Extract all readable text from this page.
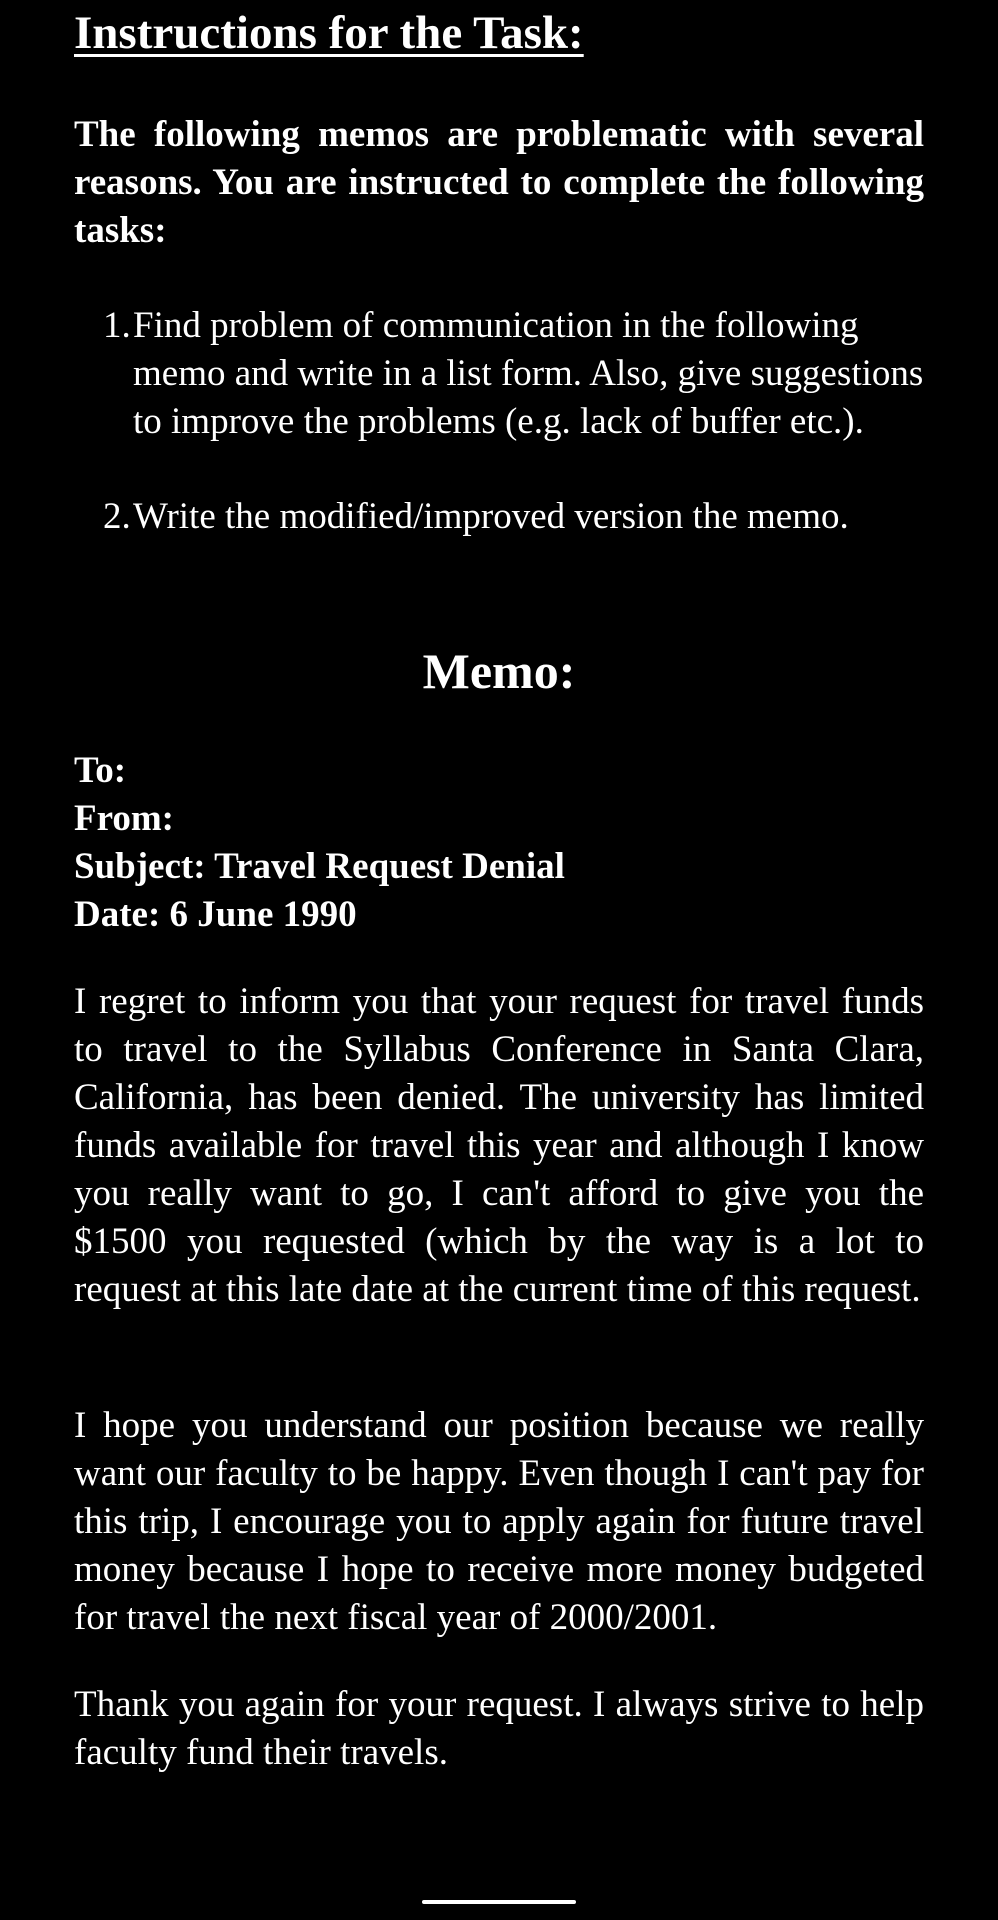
Instructions for the Task:

The following memos are problematic with several reasons. You are instructed to complete the following tasks:

1. Find problem of communication in the following memo and write in a list form. Also, give suggestions to improve the problems (e.g. lack of buffer etc.).
2. Write the modified/improved version the memo.
Memo:
To:
From:
Subject: Travel Request Denial
Date: 6 June 1990

I regret to inform you that your request for travel funds to travel to the Syllabus Conference in Santa Clara, California, has been denied. The university has limited funds available for travel this year and although I know you really want to go, I can't afford to give you the $1500 you requested (which by the way is a lot to request at this late date at the current time of this request.

I hope you understand our position because we really want our faculty to be happy. Even though I can't pay for this trip, I encourage you to apply again for future travel money because I hope to receive more money budgeted for travel the next fiscal year of 2000/2001.

Thank you again for your request. I always strive to help faculty fund their travels.
